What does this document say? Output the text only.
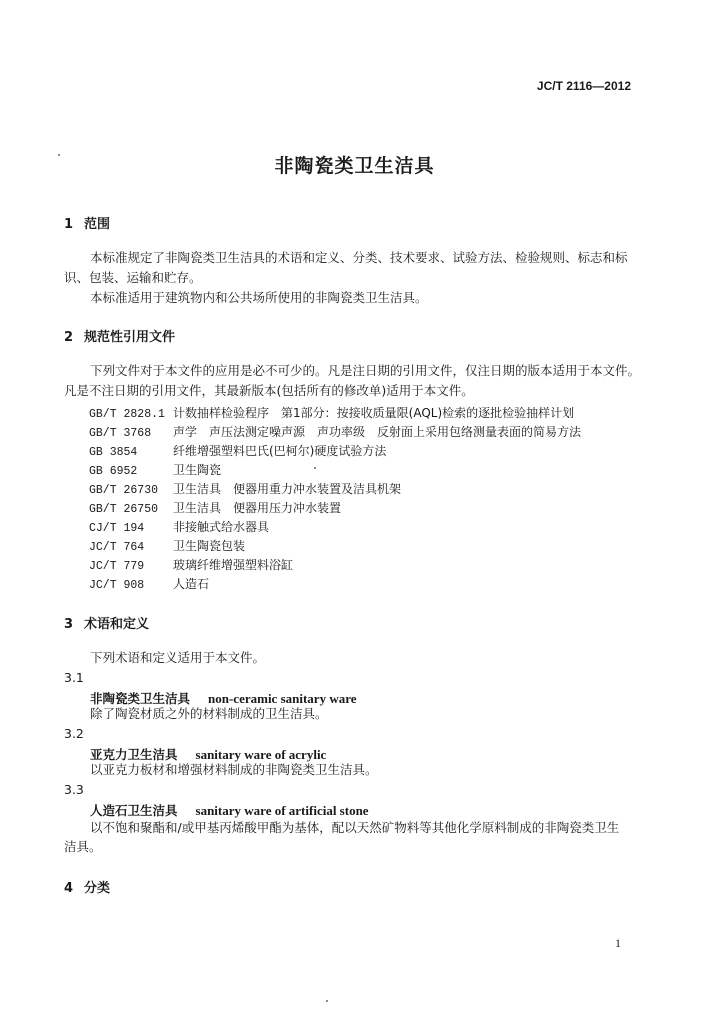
JC/T 2116—2012
非陶瓷类卫生洁具
1 范围
本标准规定了非陶瓷类卫生洁具的术语和定义、分类、技术要求、试验方法、检验规则、标志和标
识、包装、运输和贮存。
本标准适用于建筑物内和公共场所使用的非陶瓷类卫生洁具。
2 规范性引用文件
下列文件对于本文件的应用是必不可少的。凡是注日期的引用文件，仅注日期的版本适用于本文件。
凡是不注日期的引用文件，其最新版本(包括所有的修改单)适用于本文件。
GB/T 2828.1 计数抽样检验程序　第1部分：按接收质量限(AQL)检索的逐批检验抽样计划
GB/T 3768 声学　声压法测定噪声源　声功率级　反射面上采用包络测量表面的简易方法
GB 3854	纤维增强塑料巴氏(巴柯尔)硬度试验方法
GB 6952	卫生陶瓷
GB/T 26730 卫生洁具　便器用重力冲水装置及洁具机架
GB/T 26750 卫生洁具　便器用压力冲水装置
CJ/T 194 非接触式给水器具
JC/T 764 卫生陶瓷包装
JC/T 779 玻璃纤维增强塑料浴缸
JC/T 908 人造石
3 术语和定义
下列术语和定义适用于本文件。
3.1
非陶瓷类卫生洁具 non-ceramic sanitary ware
除了陶瓷材质之外的材料制成的卫生洁具。
3.2
亚克力卫生洁具 sanitary ware of acrylic
以亚克力板材和增强材料制成的非陶瓷类卫生洁具。
3.3
人造石卫生洁具 sanitary ware of artificial stone
以不饱和聚酯和/或甲基丙烯酸甲酯为基体，配以天然矿物料等其他化学原料制成的非陶瓷类卫生
洁具。
4 分类
1
